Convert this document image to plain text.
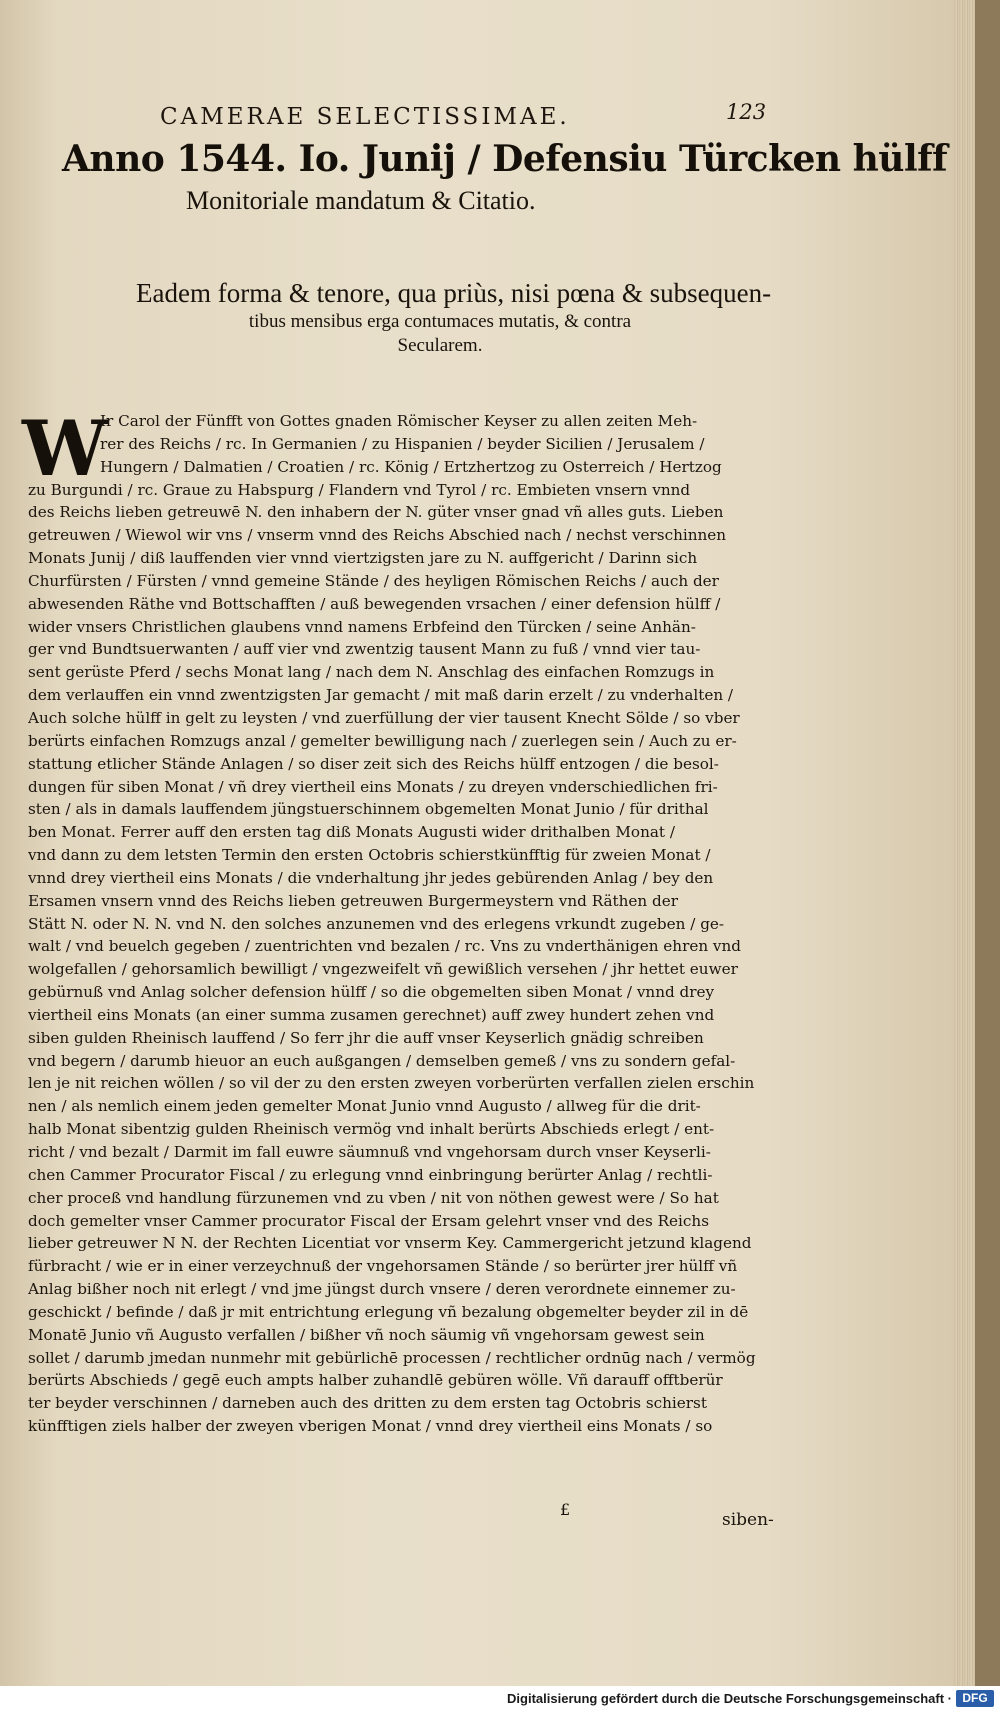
CAMERAE SELECTISSIMAE.	123
Anno 1544. Io. Junij / Defensiu Türcken hülff
Monitoriale mandatum & Citatio.
Eadem forma & tenore, qua priùs, nisi pœna & subsequen-
tibus mensibus erga contumaces mutatis, & contra
Secularem.
W
Ir Carol der Fünfft von Gottes gnaden Römischer Keyser zu allen zeiten Meh-
rer des Reichs / rc. In Germanien / zu Hispanien / beyder Sicilien / Jerusalem /
Hungern / Dalmatien / Croatien / rc. König / Ertzhertzog zu Osterreich / Hertzog
zu Burgundi / rc. Graue zu Habspurg / Flandern vnd Tyrol / rc. Embieten vnsern vnnd
des Reichs lieben getreuwē N. den inhabern der N. güter vnser gnad vñ alles guts. Lieben
getreuwen / Wiewol wir vns / vnserm vnnd des Reichs Abschied nach / nechst verschinnen
Monats Junij / diß lauffenden vier vnnd viertzigsten jare zu N. auffgericht / Darinn sich
Churfürsten / Fürsten / vnnd gemeine Stände / des heyligen Römischen Reichs / auch der
abwesenden Räthe vnd Bottschafften / auß bewegenden vrsachen / einer defension hülff /
wider vnsers Christlichen glaubens vnnd namens Erbfeind den Türcken / seine Anhän-
ger vnd Bundtsuerwanten / auff vier vnd zwentzig tausent Mann zu fuß / vnnd vier tau-
sent gerüste Pferd / sechs Monat lang / nach dem N. Anschlag des einfachen Romzugs in
dem verlauffen ein vnnd zwentzigsten Jar gemacht / mit maß darin erzelt / zu vnderhalten /
Auch solche hülff in gelt zu leysten / vnd zuerfüllung der vier tausent Knecht Sölde / so vber
berürts einfachen Romzugs anzal / gemelter bewilligung nach / zuerlegen sein / Auch zu er-
stattung etlicher Stände Anlagen / so diser zeit sich des Reichs hülff entzogen / die besol-
dungen für siben Monat / vñ drey viertheil eins Monats / zu dreyen vnderschiedlichen fri-
sten / als in damals lauffendem jüngstuerschinnem obgemelten Monat Junio / für drithal
ben Monat. Ferrer auff den ersten tag diß Monats Augusti wider drithalben Monat /
vnd dann zu dem letsten Termin den ersten Octobris schierstkünfftig für zweien Monat /
vnnd drey viertheil eins Monats / die vnderhaltung jhr jedes gebürenden Anlag / bey den
Ersamen vnsern vnnd des Reichs lieben getreuwen Burgermeystern vnd Räthen der
Stätt N. oder N. N. vnd N. den solches anzunemen vnd des erlegens vrkundt zugeben / ge-
walt / vnd beuelch gegeben / zuentrichten vnd bezalen / rc. Vns zu vnderthänigen ehren vnd
wolgefallen / gehorsamlich bewilligt / vngezweifelt vñ gewißlich versehen / jhr hettet euwer
gebürnuß vnd Anlag solcher defension hülff / so die obgemelten siben Monat / vnnd drey
viertheil eins Monats (an einer summa zusamen gerechnet) auff zwey hundert zehen vnd
siben gulden Rheinisch lauffend / So ferr jhr die auff vnser Keyserlich gnädig schreiben
vnd begern / darumb hieuor an euch außgangen / demselben gemeß / vns zu sondern gefal-
len je nit reichen wöllen / so vil der zu den ersten zweyen vorberürten verfallen zielen erschin
nen / als nemlich einem jeden gemelter Monat Junio vnnd Augusto / allweg für die drit-
halb Monat sibentzig gulden Rheinisch vermög vnd inhalt berürts Abschieds erlegt / ent-
richt / vnd bezalt / Darmit im fall euwre säumnuß vnd vngehorsam durch vnser Keyserli-
chen Cammer Procurator Fiscal / zu erlegung vnnd einbringung berürter Anlag / rechtli-
cher proceß vnd handlung fürzunemen vnd zu vben / nit von nöthen gewest were / So hat
doch gemelter vnser Cammer procurator Fiscal der Ersam gelehrt vnser vnd des Reichs
lieber getreuwer N N. der Rechten Licentiat vor vnserm Key. Cammergericht jetzund klagend
fürbracht / wie er in einer verzeychnuß der vngehorsamen Stände / so berürter jrer hülff vñ
Anlag bißher noch nit erlegt / vnd jme jüngst durch vnsere / deren verordnete einnemer zu-
geschickt / befinde / daß jr mit entrichtung erlegung vñ bezalung obgemelter beyder zil in dē
Monatē Junio vñ Augusto verfallen / bißher vñ noch säumig vñ vngehorsam gewest sein
sollet / darumb jmedan nunmehr mit gebürlichē processen / rechtlicher ordnūg nach / vermög
berürts Abschieds / gegē euch ampts halber zuhandlē gebüren wölle. Vñ darauff offtberür
ter beyder verschinnen / darneben auch des dritten zu dem ersten tag Octobris schierst
künfftigen ziels halber der zweyen vberigen Monat / vnnd drey viertheil eins Monats / so
£
siben-
Digitalisierung gefördert durch die Deutsche Forschungsgemeinschaft · DFG
